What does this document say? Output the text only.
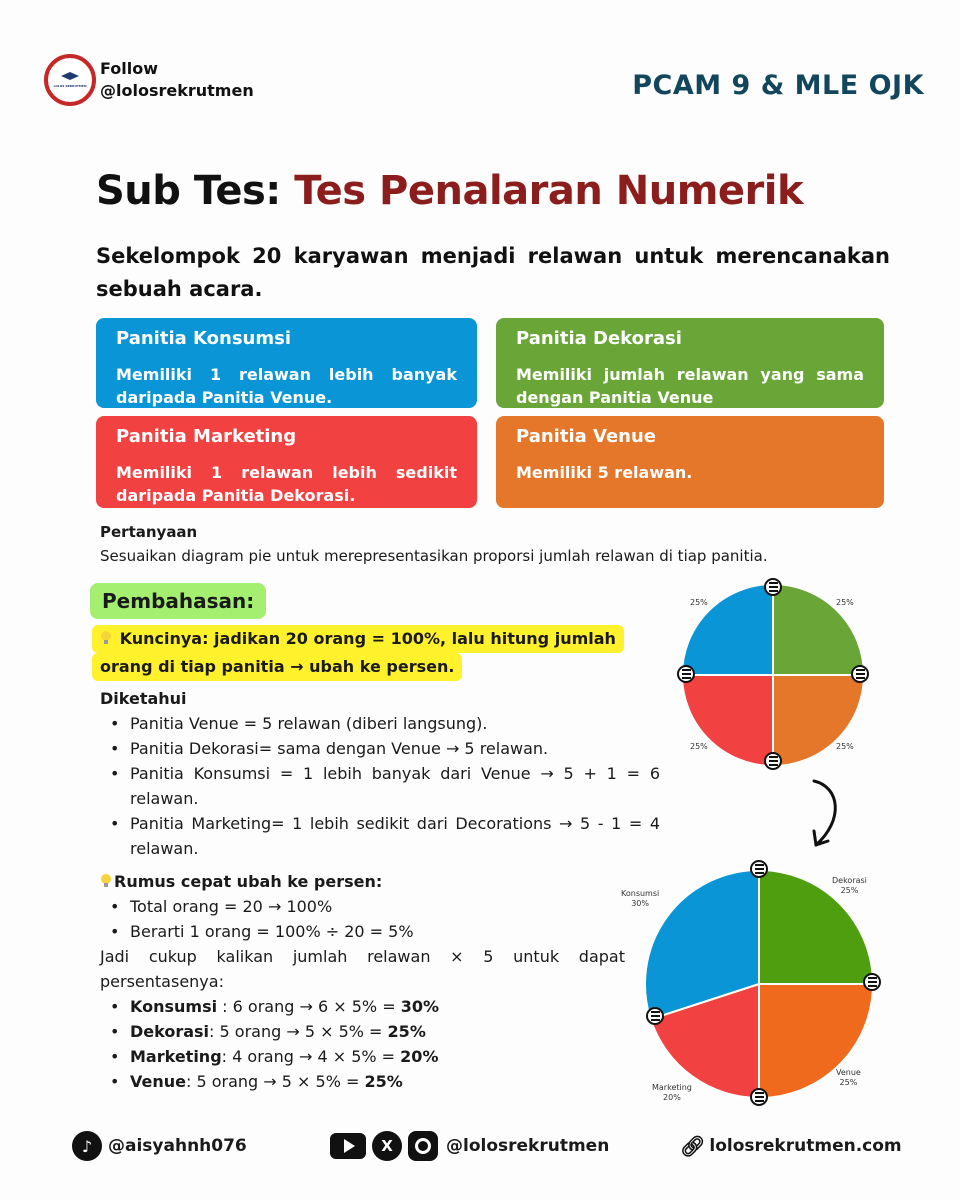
LOLOS REKRUTMEN
Follow
@lolosrekrutmen	PCAM 9 & MLE OJK
Sub Tes: Tes Penalaran Numerik
Sekelompok 20 karyawan menjadi relawan untuk merencanakan sebuah acara.
Panitia Konsumsi
Memiliki 1 relawan lebih banyak daripada Panitia Venue.
Panitia Dekorasi
Memiliki jumlah relawan yang sama dengan Panitia Venue
Panitia Marketing
Memiliki 1 relawan lebih sedikit daripada Panitia Dekorasi.
Panitia Venue
Memiliki 5 relawan.
Pertanyaan
Sesuaikan diagram pie untuk merepresentasikan proporsi jumlah relawan di tiap panitia.
Pembahasan:
Kuncinya: jadikan 20 orang = 100%, lalu hitung jumlah
orang di tiap panitia → ubah ke persen.
Diketahui
• Panitia Venue = 5 relawan (diberi langsung).
• Panitia Dekorasi= sama dengan Venue → 5 relawan.
• Panitia Konsumsi = 1 lebih banyak dari Venue → 5 + 1 = 6 relawan.
• Panitia Marketing= 1 lebih sedikit dari Decorations → 5 - 1 = 4 relawan.
Rumus cepat ubah ke persen:
• Total orang = 20 → 100%
• Berarti 1 orang = 100% ÷ 20 = 5%
Jadi cukup kalikan jumlah relawan × 5 untuk dapat persentasenya:
• Konsumsi : 6 orang → 6 × 5% = 30%
• Dekorasi: 5 orang → 5 × 5% = 25%
• Marketing: 4 orang → 4 × 5% = 20%
• Venue: 5 orang → 5 × 5% = 25%
25%
25%
25%
25%
Dekorasi
25%
Venue
25%
Marketing
20%
Konsumsi
30%
♪ @aisyahnh076	X	@lolosrekrutmen	🔗︎ lolosrekrutmen.com
